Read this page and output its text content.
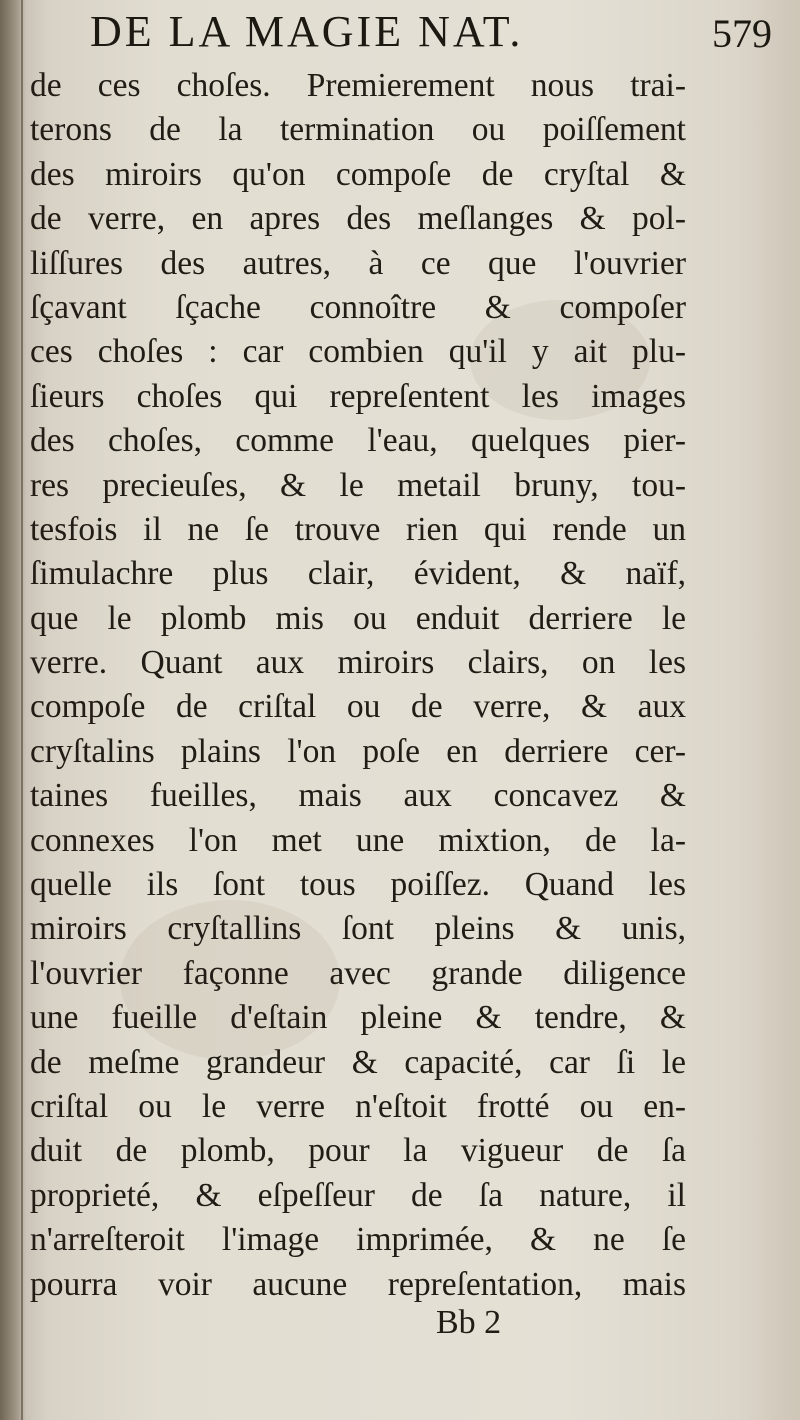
DE LA MAGIE NAT.	579
de ces choſes. Premierement nous trai-
terons de la termination ou poiſſement
des miroirs qu'on compoſe de cryſtal &
de verre, en apres des meſlanges & pol-
liſſures des autres, à ce que l'ouvrier
ſçavant ſçache connoître & compoſer
ces choſes : car combien qu'il y ait plu-
ſieurs choſes qui repreſentent les images
des choſes, comme l'eau, quelques pier-
res precieuſes, & le metail bruny, tou-
tesfois il ne ſe trouve rien qui rende un
ſimulachre plus clair, évident, & naïf,
que le plomb mis ou enduit derriere le
verre. Quant aux miroirs clairs, on les
compoſe de criſtal ou de verre, & aux
cryſtalins plains l'on poſe en derriere cer-
taines fueilles, mais aux concavez &
connexes l'on met une mixtion, de la-
quelle ils ſont tous poiſſez. Quand les
miroirs cryſtallins ſont pleins & unis,
l'ouvrier façonne avec grande diligence
une fueille d'eſtain pleine & tendre, &
de meſme grandeur & capacité, car ſi le
criſtal ou le verre n'eſtoit frotté ou en-
duit de plomb, pour la vigueur de ſa
proprieté, & eſpeſſeur de ſa nature, il
n'arreſteroit l'image imprimée, & ne ſe
pourra voir aucune repreſentation, mais
Bb 2
